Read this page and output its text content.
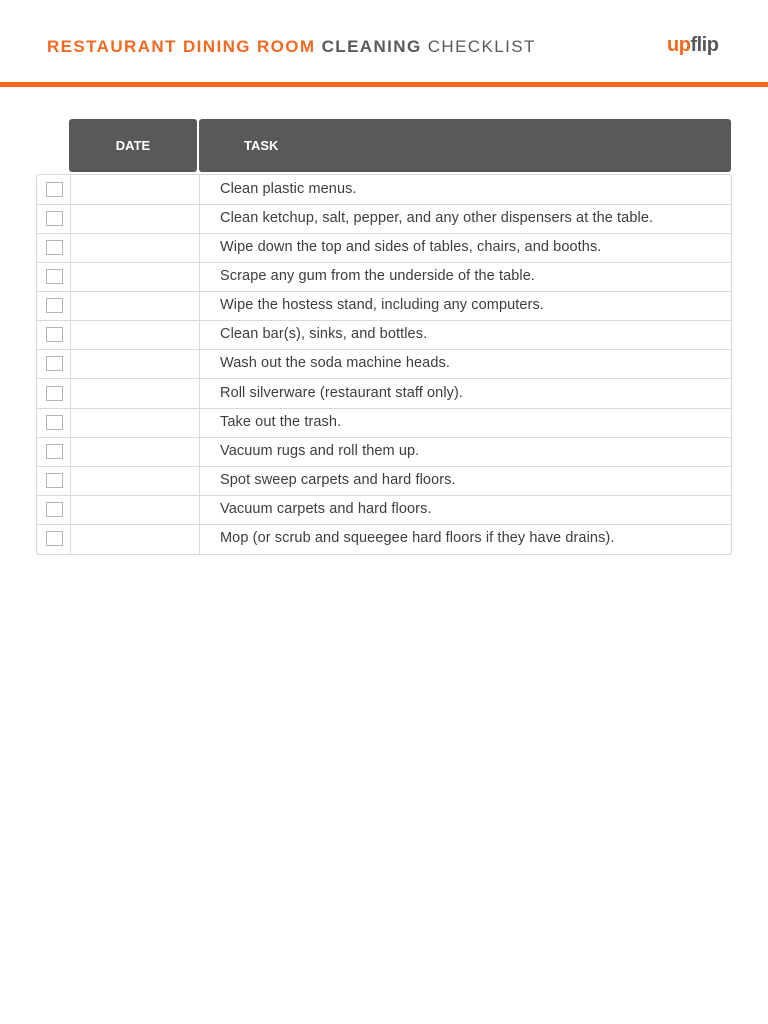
RESTAURANT DINING ROOM CLEANING CHECKLIST	upflip
DATE	TASK
Clean plastic menus.
Clean ketchup, salt, pepper, and any other dispensers at the table.
Wipe down the top and sides of tables, chairs, and booths.
Scrape any gum from the underside of the table.
Wipe the hostess stand, including any computers.
Clean bar(s), sinks, and bottles.
Wash out the soda machine heads.
Roll silverware (restaurant staff only).
Take out the trash.
Vacuum rugs and roll them up.
Spot sweep carpets and hard floors.
Vacuum carpets and hard floors.
Mop (or scrub and squeegee hard floors if they have drains).
